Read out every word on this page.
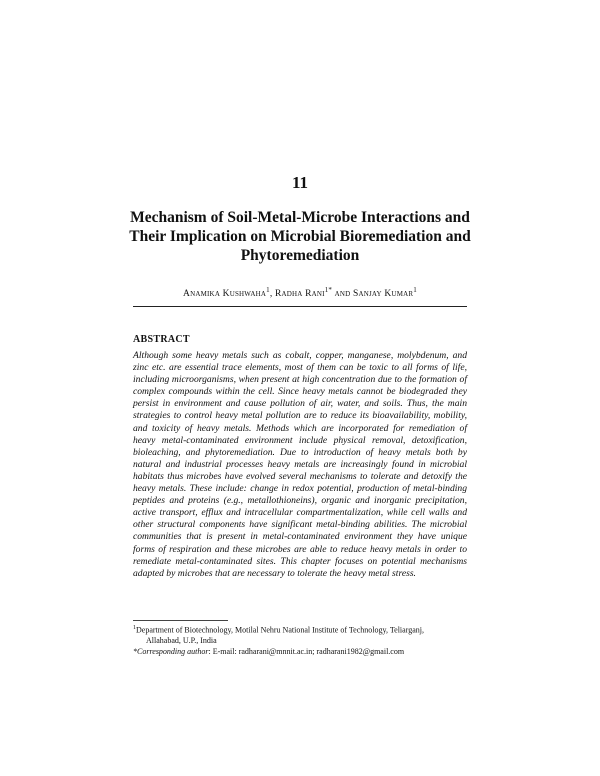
11
Mechanism of Soil-Metal-Microbe Interactions and Their Implication on Microbial Bioremediation and Phytoremediation
Anamika Kushwaha$^1$, Radha Rani$^{1*}$ and Sanjay Kumar$^1$
ABSTRACT

Although some heavy metals such as cobalt, copper, manganese, molybdenum, and zinc etc. are essential trace elements, most of them can be toxic to all forms of life, including microorganisms, when present at high concentration due to the formation of complex compounds within the cell. Since heavy metals cannot be biodegraded they persist in environment and cause pollution of air, water, and soils. Thus, the main strategies to control heavy metal pollution are to reduce its bioavailability, mobility, and toxicity of heavy metals. Methods which are incorporated for remediation of heavy metal-contaminated environment include physical removal, detoxification, bioleaching, and phytoremediation. Due to introduction of heavy metals both by natural and industrial processes heavy metals are increasingly found in microbial habitats thus microbes have evolved several mechanisms to tolerate and detoxify the heavy metals. These include: change in redox potential, production of metal-binding peptides and proteins (e.g., metallothioneins), organic and inorganic precipitation, active transport, efflux and intracellular compartmentalization, while cell walls and other structural components have significant metal-binding abilities. The microbial communities that is present in metal-contaminated environment they have unique forms of respiration and these microbes are able to reduce heavy metals in order to remediate metal-contaminated sites. This chapter focuses on potential mechanisms adapted by microbes that are necessary to tolerate the heavy metal stress.

$^1$Department of Biotechnology, Motilal Nehru National Institute of Technology, Teliarganj,

Allahabad, U.P., India

*Corresponding author: E-mail: radharani@mnnit.ac.in; radharani1982@gmail.com
